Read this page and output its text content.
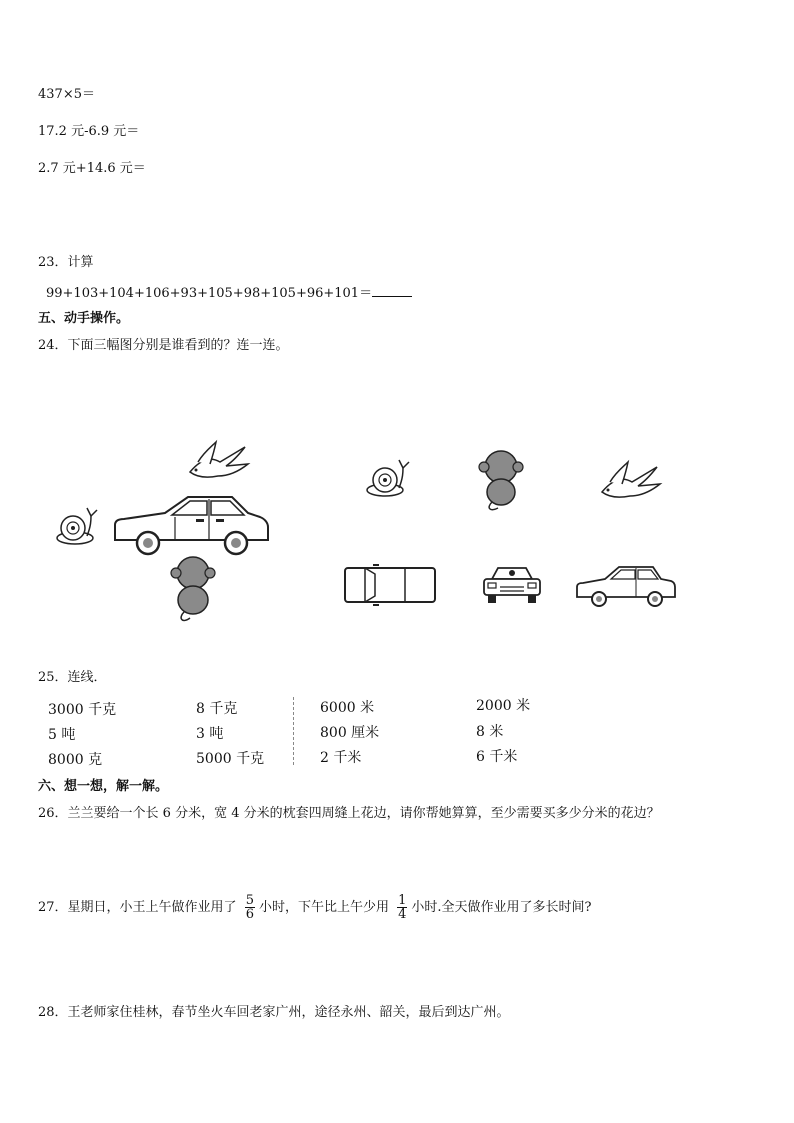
437×5＝
17.2 元-6.9 元＝
2.7 元+14.6 元＝
23．计算
99+103+104+106+93+105+98+105+96+101＝
五、动手操作。
24．下面三幅图分别是谁看到的？连一连。
25．连线．
3000 千克
5 吨
8000 克
8 千克
3 吨
5000 千克
6000 米
800 厘米
2 千米
2000 米
8 米
6 千米
六、想一想，解一解。
26．兰兰要给一个长 6 分米，宽 4 分米的枕套四周缝上花边，请你帮她算算，至少需要买多少分米的花边？
27．星期日，小王上午做作业用了 $\frac{5}{6}$ 小时，下午比上午少用 $\frac{1}{4}$ 小时.全天做作业用了多长时间?
28．王老师家住桂林，春节坐火车回老家广州，途径永州、韶关，最后到达广州。
